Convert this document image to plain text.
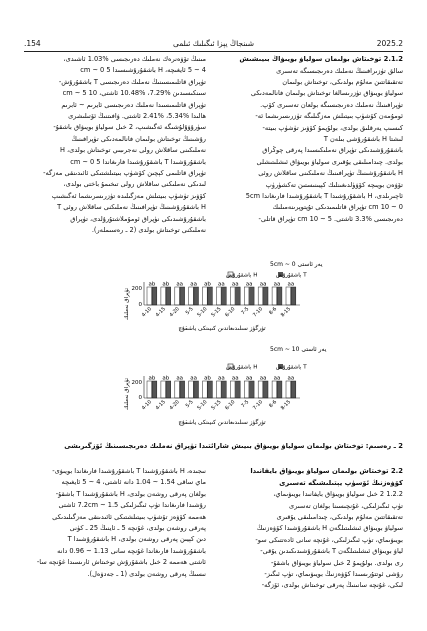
.154	شىنجاڭ يېزا ئىگىلىك ئىلمى	2025.2

2.1.2 توخىتاش بولىمان سولياۋ بويىۋاڭ بىيىشىش

سالق تۈزىرافىنىڭ نەملىك دەرىجىسىگە تەسىرى

تەتقىقاتتىن مەلۇم بولدىكى، توخىتاش بولىمان

سولياۋ بويىۋاق تۈزرىسالغا توخىتاش بولىمان فانالمەدىكى

تۈپرافىنىڭ نەملىك دەرىجىسىگە بولعان تەسىرى كۆپ.

ئومۇمەن كۆشۈپ بىيتىلش مەزگىلىگە تۈزرىسرىشما ئە-

كىسىپ يەرقلىق بولدى، بولۇپمۇ كۆۋىز تۈشۈپ بىيتە-

لىشتا H باشقۇرۇشى بىلەن T

باشقۇرۇشىدىكى تۈپراق نەملىكىسىدا پەرقى چوڭراق

بولدى. چىدامىلىقى يۇقىرى سولياۋ بويىۋاق ئىشلىتىشلى

H باشقۇرۇشىنىڭ تۈپرافىنىڭ نەملىكىنى ساقلاش روئى

تۆۋەن بويىچە كۆۋۈلدىغىنلىك كېيىنىستىن تەكشۈرۈپ

ئاچىرىلدى، H باشقۇرۇشىدا T باشقۇرۇشىدا فارىغاندا 5cm

0 ~ 10 cm تۈپراق قاتلىمىدىكى تۇپتوپرىنەمىلىك

دەرىجىسى %3.3 ئاشتى. 5 ~ 10 cm تۈپراق قاتلى-

مىنىڭ تۆۋەنرەك نەملىك دەرىجىسى %1.03 ئاشىدى،

4 ~ 5 ئايغىچە، H باشقۇرۇشىسىدا 5 cm ~ 0

تۈپراق قاتلىمىسىنىڭ نەملىك دەرىجىسى T باشقۇرۇش-

سىنكىسىدىن %7.29، %10.48 ئاشتى، 10 cm ~ 5

تۈپراق قاتلىمىسىدا نەملىك دەرىجىسى ئايرىم ~ ئابرىم

ھالىدا %5.34، %2.41 ئاشتى. ۋافىتنىڭ ئۆتىلىشرى

سۈرۇۋۇلۇشىگە ئەگىشىپ، 2 خىل سولياۋ بويىۋاق باشقۇ-

رۇشىنىڭ توخىتاش بولىمان فانالمەدىكى تۈپرافىنىڭ

نەملىكىنى ساقلاش رولى نەجرىبىي توخىتاش بولدى، H

باشقۇرۇشىدا T باشقۇرۇشىدا فارىغاندا 5 cm ~ 0

تۈپراق قاتلىمى كېچىن كۆشۈپ بىيتىلشتىكى ئائىدىنقى مەزگە-

لىدىكى نەملىكنى ساقلاش رولى تىخىمۇ باختى بولدى،

كۆۋىز تۈشۈپ بىيتىلش مەزگىلىدە تۈزرىسرىشما ئەگىشىپ

H باشقۇرۇشىنىڭ تۈپرافىنىڭ نەملىكنى ساقلاش روئى T

باشقۇرۇشىدىكى نۈپراق ئومۇملاشتۇرۇلدى، تۈپراق

نەملىكنى توخىتاش بولدى (2 ـ رەسىملەر).

يەر ئاستى 5cm ~ 0
H باشقۇرۇش	T باشقۇرۇش
تۈپراق نەملىك 200
0
ab ab aa aa ab aa aa aa aa aa aa
4-10 4-15 4-20 5-5 5-10 5-15 6-10 7-5 7-10 8-6 8-15
تۈرگۈز سىلىدىغاندىن كىيىنكى ياشقۇچ
يەر ئاستى 5cm ~ 10
H باشقۇرۇش	T باشقۇرۇش
تۈپراق نەملىك 200
0
ab ab aa aa ab aa aa aa aa aa aa
4-10 4-15 4-20 5-5 5-10 5-15 6-10 7-5 7-10 8-6 8-15
تۈرگۈز سىلىدىغاندىن كىيىنكى ياشقۇچ
2 ـ رەسىم: توخىتاش بولىمان سولياۋ بويىۋاق بىيىش شارائتىدا تۈپراق نەملىك دەرىجىسىنىڭ ئۆزگىرىشى

2.2 توخىتاش بولىمان سولياۋ بويىۋاق بايفانىدا

كۆۋەزنىڭ ئۆسۈپ يېتىلىشىگە تەسىرى

1.2.2 2 خىل سولياۋ بويىۋاق بايفانىدا بويىۋىماي،

تۈپ ئىگىزلىكى، غۇنچىسىنا بولغان تەسىرى

تەتقىقاتتىن مەلۇم بولدىكى، چىدامىلىقى يۇقىرى

سولياۋ بويىۋاق ئىشلىتىلگەن H باشقۇرۇشىدا كۆۋەزنىڭ

بويىۋىماي، تۈپ ئىگىزلىكى، غۇنچە سانى ئادەتتىكى سو-

لياۋ بويىۋاق ئىشلىتىلگەن T باشقۇرۇشىدىكىدىن يۇقى-

رى بولدى. بولۇپمۇ 2 خىل سولياۋ بويىۋاق باشقۇ-

رۇشى ئوتتۇرىسىدا كۆۋەزنىڭ بويىۋىماي، تۈپ ئىگىز-

لىكى، غۇنچە سانىنىڭ پەرقى توخىتاش بولدى، ئۆزگە-

نىجىدە، H باشقۇرۇشىدا T باشقۇرۇشىدا فارىغاندا بويىۋى-

ماي ساقى 1.54 ~ 1.04 دانە ئاشتى، 4 ~ 5 ئايغىچە

بولغان پەرقى روشەن بولدى، H باشقۇرۇشىدا T باشقۇ-

رۇشىدا فارىغاندا تۈپ ئىگىزلىكى 7.2cm ~ 1.5 ئاشتى

ھەممە كۆۋەز تۆشۈپ بىيتىلشتىكى ئائىدىنقى مەزگىلىدىكى

پەرقى روشەن بولدى، غۇنچە 5 ـ ئاينىڭ 25 ـ كۈنى

دىن كېيىن پەرقى روشەن بولدى، H باشقۇرۇشىدا T

باشقۇرۇشىدا فارىغاندا غۇنچە سانى 1.13 ~ 0.96 دانە

ئاشتى ھەممە 2 خىل باشقۇرۇش توخىتاش ئارىسىدا غۇنچە سا-

نىسىڭ پەرقى روشەن بولدى (1 ـ جەدۋەل).
